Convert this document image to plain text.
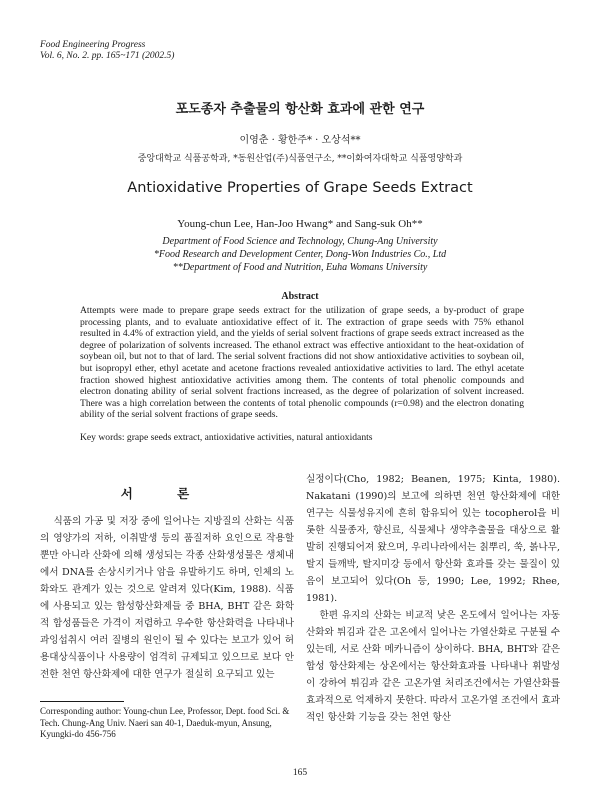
Food Engineering Progress
Vol. 6, No. 2. pp. 165~171 (2002.5)
포도종자 추출물의 항산화 효과에 관한 연구
이영춘 · 황한주* · 오상석**
중앙대학교 식품공학과, *동원산업(주)식품연구소, **이화여자대학교 식품영양학과
Antioxidative Properties of Grape Seeds Extract
Young-chun Lee, Han-Joo Hwang* and Sang-suk Oh**
Department of Food Science and Technology, Chung-Ang University
*Food Research and Development Center, Dong-Won Industries Co., Ltd
**Department of Food and Nutrition, Euha Womans University
Abstract
Attempts were made to prepare grape seeds extract for the utilization of grape seeds, a by-product of grape processing plants, and to evaluate antioxidative effect of it. The extraction of grape seeds with 75% ethanol resulted in 4.4% of extraction yield, and the yields of serial solvent fractions of grape seeds extract increased as the degree of polarization of solvents increased. The ethanol extract was effective antioxidant to the heat-oxidation of soybean oil, but not to that of lard. The serial solvent fractions did not show antioxidative activities to soybean oil, but isopropyl ether, ethyl acetate and acetone fractions revealed antioxidative activities to lard. The ethyl acetate fraction showed highest antioxidative activities among them. The contents of total phenolic compounds and electron donating ability of serial solvent fractions increased, as the degree of polarization of solvent increased. There was a high correlation between the contents of total phenolic compounds (r=0.98) and the electron donating ability of the serial solvent fractions of grape seeds.
Key words: grape seeds extract, antioxidative activities, natural antioxidants
서 론

식품의 가공 및 저장 중에 일어나는 지방질의 산화는 식품의 영양가의 저하, 이취발생 등의 품질저하 요인으로 작용할 뿐만 아니라 산화에 의해 생성되는 각종 산화생성물은 생체내에서 DNA를 손상시키거나 암을 유발하기도 하며, 인체의 노화와도 관계가 있는 것으로 알려져 있다(Kim, 1988). 식품에 사용되고 있는 합성항산화제들 중 BHA, BHT 같은 화학적 합성품들은 가격이 저렴하고 우수한 항산화력을 나타내나 과잉섭취시 여러 질병의 원인이 될 수 있다는 보고가 있어 허용대상식품이나 사용량이 엄격히 규제되고 있으므로 보다 안전한 천연 항산화제에 대한 연구가 절실히 요구되고 있는

실정이다(Cho, 1982; Beanen, 1975; Kinta, 1980). Nakatani (1990)의 보고에 의하면 천연 항산화제에 대한 연구는 식물성유지에 흔히 함유되어 있는 tocopherol을 비롯한 식물종자, 향신료, 식물체나 생약추출물을 대상으로 활발히 진행되어져 왔으며, 우리나라에서는 칡뿌리, 쑥, 볽나무, 탈지 들깨박, 탈지미강 등에서 항산화 효과를 갖는 물질이 있음이 보고되어 있다(Oh 등, 1990; Lee, 1992; Rhee, 1981).

한편 유지의 산화는 비교적 낮은 온도에서 일어나는 자동산화와 튀김과 같은 고온에서 일어나는 가열산화로 구분될 수 있는데, 서로 산화 메카니즘이 상이하다. BHA, BHT와 같은 합성 항산화제는 상온에서는 항산화효과를 나타내나 휘발성이 강하여 튀김과 같은 고온가열 처리조건에서는 가열산화를 효과적으로 억제하지 못한다. 따라서 고온가열 조건에서 효과적인 항산화 기능을 갖는 천연 항산

Corresponding author: Young-chun Lee, Professor, Dept. food Sci. & Tech. Chung-Ang Univ. Naeri san 40-1, Daeduk-myun, Ansung, Kyungki-do 456-756
165
